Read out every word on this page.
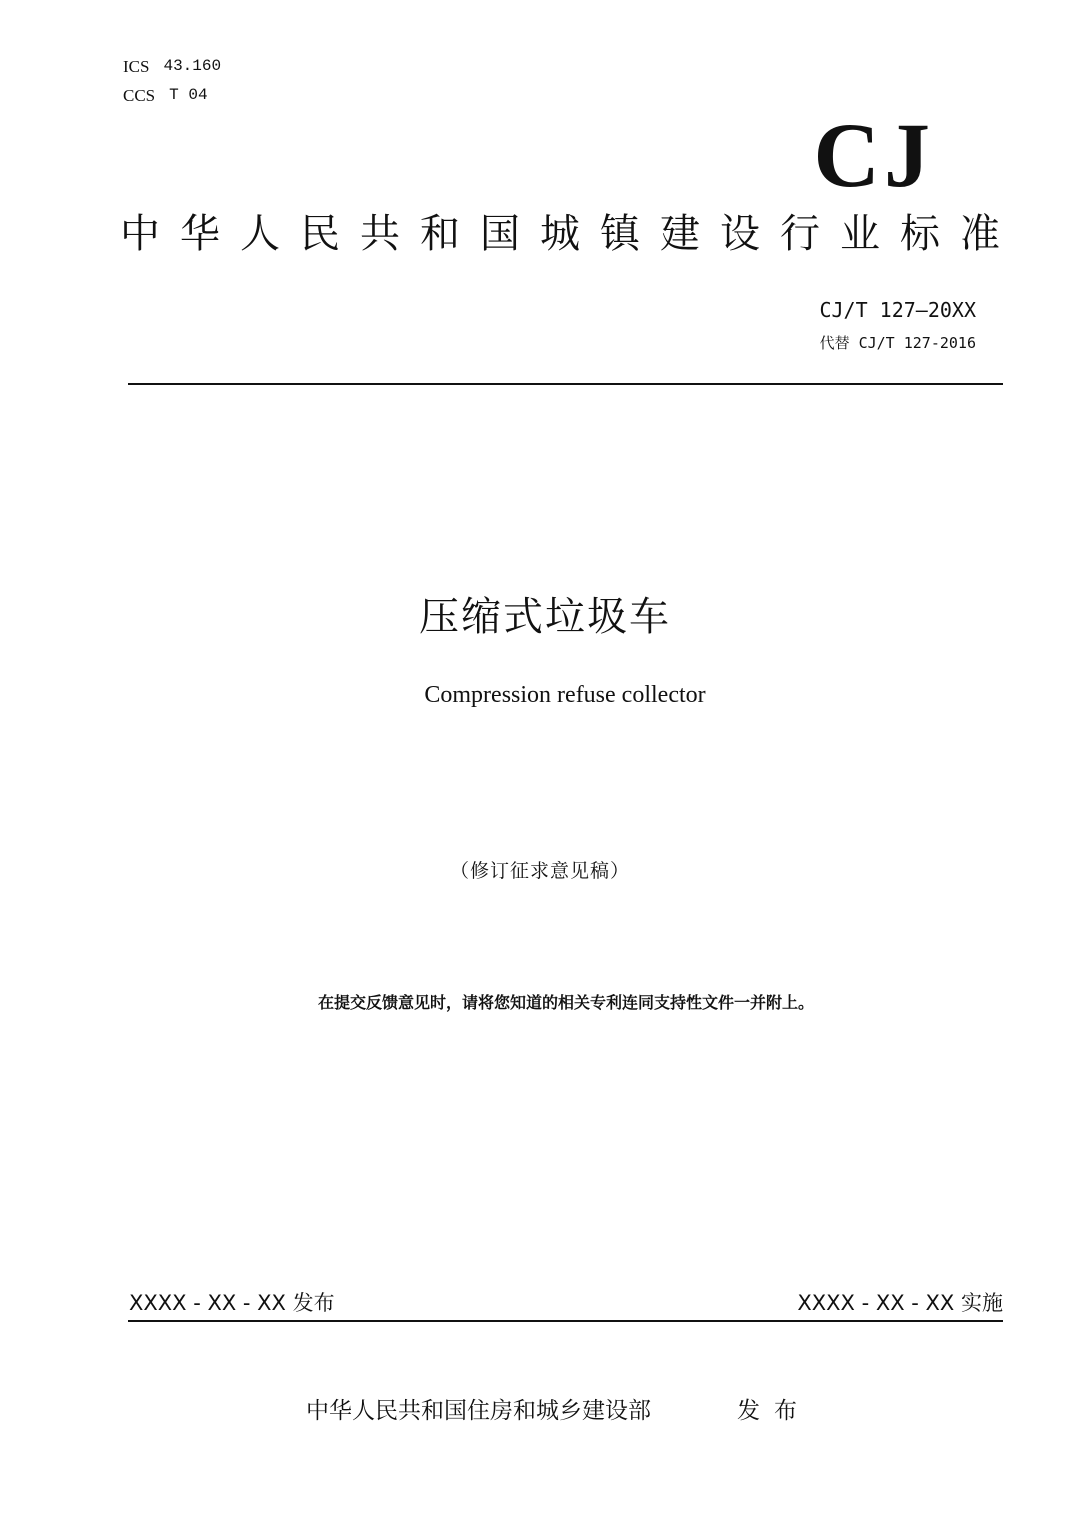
ICS 43.160
CCS T 04
CJ
中华人民共和国城镇建设行业标准
CJ/T 127—20XX
代替 CJ/T 127-2016
压缩式垃圾车
Compression refuse collector
（修订征求意见稿）
在提交反馈意见时，请将您知道的相关专利连同支持性文件一并附上。
XXXX - XX - XX 发布	XXXX - XX - XX 实施
中华人民共和国住房和城乡建设部	发布
